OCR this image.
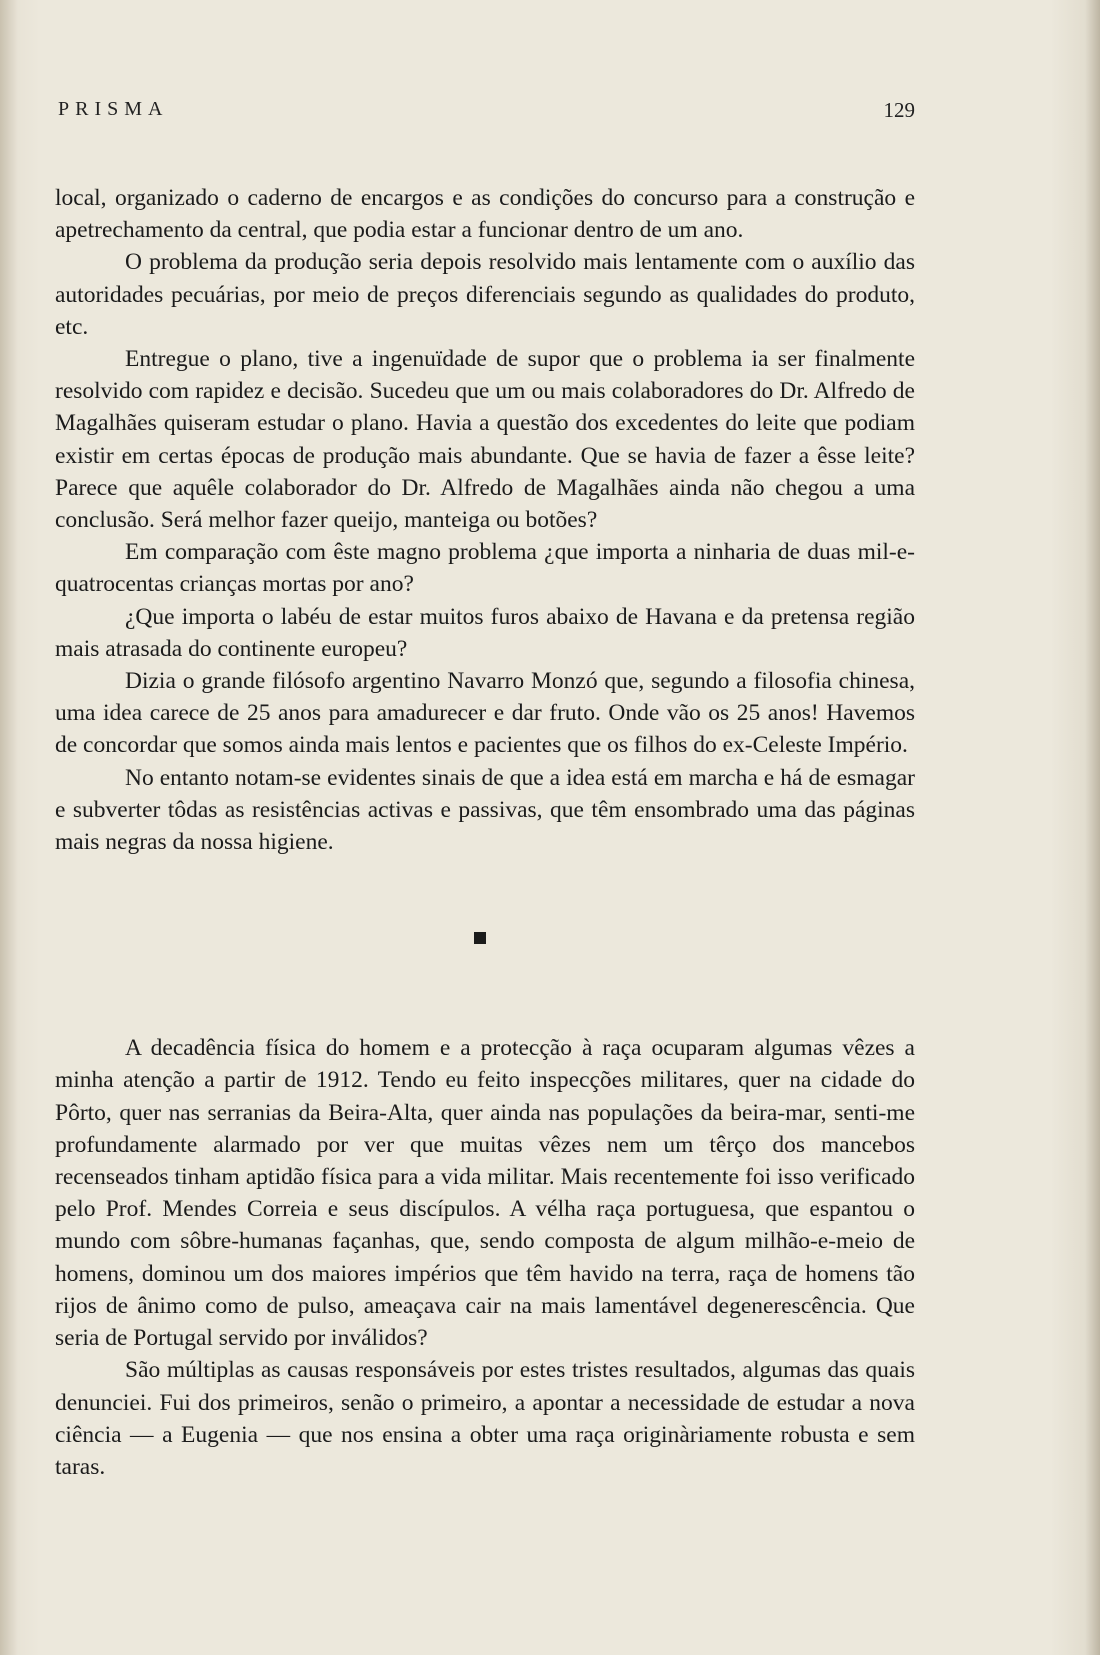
PRISMA	129

local, organizado o caderno de encargos e as condições do concurso para a construção e apetrechamento da central, que podia estar a funcionar dentro de um ano.

O problema da produção seria depois resolvido mais lentamente com o auxílio das autoridades pecuárias, por meio de preços diferenciais segundo as qualidades do produto, etc.

Entregue o plano, tive a ingenuïdade de supor que o problema ia ser finalmente resolvido com rapidez e decisão. Sucedeu que um ou mais colaboradores do Dr. Alfredo de Magalhães quiseram estudar o plano. Havia a questão dos excedentes do leite que podiam existir em certas épocas de produção mais abundante. Que se havia de fazer a êsse leite? Parece que aquêle colaborador do Dr. Alfredo de Magalhães ainda não chegou a uma conclusão. Será melhor fazer queijo, manteiga ou botões?

Em comparação com êste magno problema ¿que importa a ninharia de duas mil-e-quatrocentas crianças mortas por ano?

¿Que importa o labéu de estar muitos furos abaixo de Havana e da pretensa região mais atrasada do continente europeu?

Dizia o grande filósofo argentino Navarro Monzó que, segundo a filosofia chinesa, uma idea carece de 25 anos para amadurecer e dar fruto. Onde vão os 25 anos! Havemos de concordar que somos ainda mais lentos e pacientes que os filhos do ex-Celeste Império.

No entanto notam-se evidentes sinais de que a idea está em marcha e há de esmagar e subverter tôdas as resistências activas e passivas, que têm ensombrado uma das páginas mais negras da nossa higiene.

A decadência física do homem e a protecção à raça ocuparam algumas vêzes a minha atenção a partir de 1912. Tendo eu feito inspecções militares, quer na cidade do Pôrto, quer nas serranias da Beira-Alta, quer ainda nas populações da beira-mar, senti-me profundamente alarmado por ver que muitas vêzes nem um têrço dos mancebos recenseados tinham aptidão física para a vida militar. Mais recentemente foi isso verificado pelo Prof. Mendes Correia e seus discípulos. A vélha raça portuguesa, que espantou o mundo com sôbre-humanas façanhas, que, sendo composta de algum milhão-e-meio de homens, dominou um dos maiores impérios que têm havido na terra, raça de homens tão rijos de ânimo como de pulso, ameaçava cair na mais lamentável degenerescência. Que seria de Portugal servido por inválidos?

São múltiplas as causas responsáveis por estes tristes resultados, algumas das quais denunciei. Fui dos primeiros, senão o primeiro, a apontar a necessidade de estudar a nova ciência — a Eugenia — que nos ensina a obter uma raça originàriamente robusta e sem taras.
